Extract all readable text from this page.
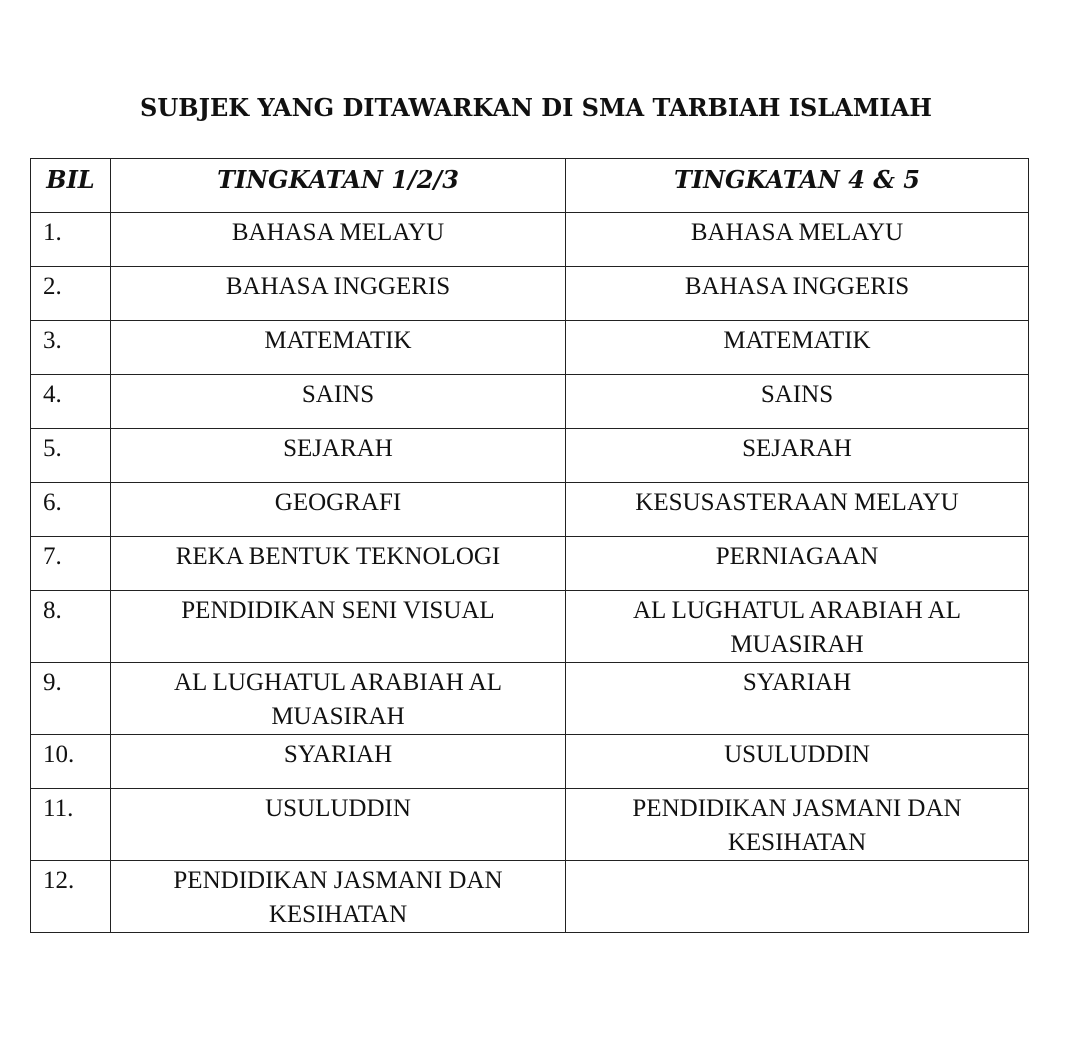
SUBJEK YANG DITAWARKAN DI SMA TARBIAH ISLAMIAH
BIL	TINGKATAN 1/2/3	TINGKATAN 4 & 5
1.	BAHASA MELAYU	BAHASA MELAYU
2.	BAHASA INGGERIS	BAHASA INGGERIS
3.	MATEMATIK	MATEMATIK
4.	SAINS	SAINS
5.	SEJARAH	SEJARAH
6.	GEOGRAFI	KESUSASTERAAN MELAYU
7.	REKA BENTUK TEKNOLOGI	PERNIAGAAN
8.	PENDIDIKAN SENI VISUAL	AL LUGHATUL ARABIAH AL MUASIRAH
9.	AL LUGHATUL ARABIAH AL MUASIRAH	SYARIAH
10.	SYARIAH	USULUDDIN
11.	USULUDDIN	PENDIDIKAN JASMANI DAN KESIHATAN
12.	PENDIDIKAN JASMANI DAN KESIHATAN	
